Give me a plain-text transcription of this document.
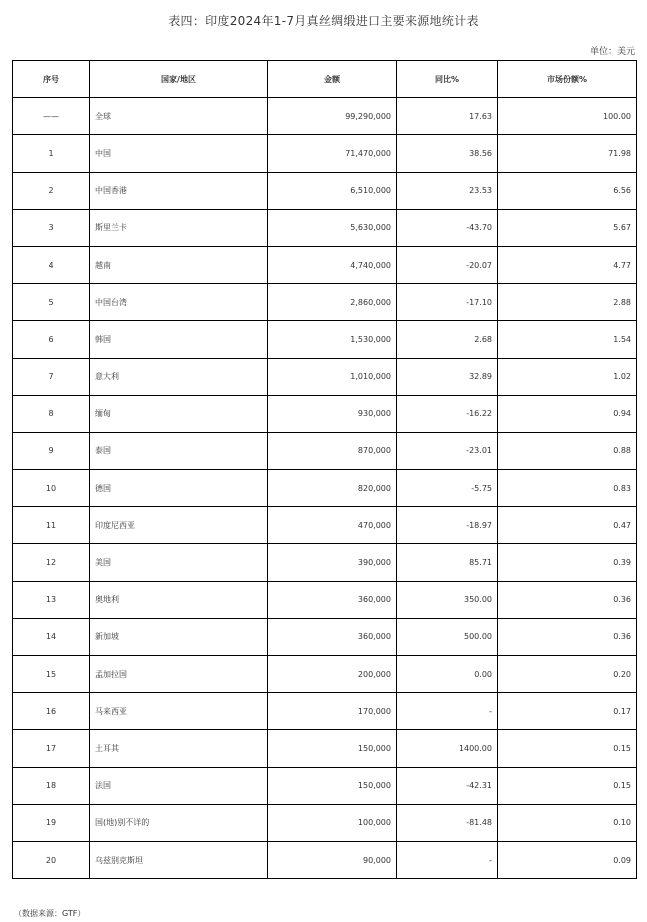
表四：印度2024年1-7月真丝绸缎进口主要来源地统计表
单位：美元
序号	国家/地区	金额	同比%	市场份额%
——	全球	99,290,000	17.63	100.00
1	中国	71,470,000	38.56	71.98
2	中国香港	6,510,000	23.53	6.56
3	斯里兰卡	5,630,000	-43.70	5.67
4	越南	4,740,000	-20.07	4.77
5	中国台湾	2,860,000	-17.10	2.88
6	韩国	1,530,000	2.68	1.54
7	意大利	1,010,000	32.89	1.02
8	缅甸	930,000	-16.22	0.94
9	泰国	870,000	-23.01	0.88
10	德国	820,000	-5.75	0.83
11	印度尼西亚	470,000	-18.97	0.47
12	美国	390,000	85.71	0.39
13	奥地利	360,000	350.00	0.36
14	新加坡	360,000	500.00	0.36
15	孟加拉国	200,000	0.00	0.20
16	马来西亚	170,000	-	0.17
17	土耳其	150,000	1400.00	0.15
18	法国	150,000	-42.31	0.15
19	国(地)别不详的	100,000	-81.48	0.10
20	乌兹别克斯坦	90,000	-	0.09
（数据来源：GTF）
